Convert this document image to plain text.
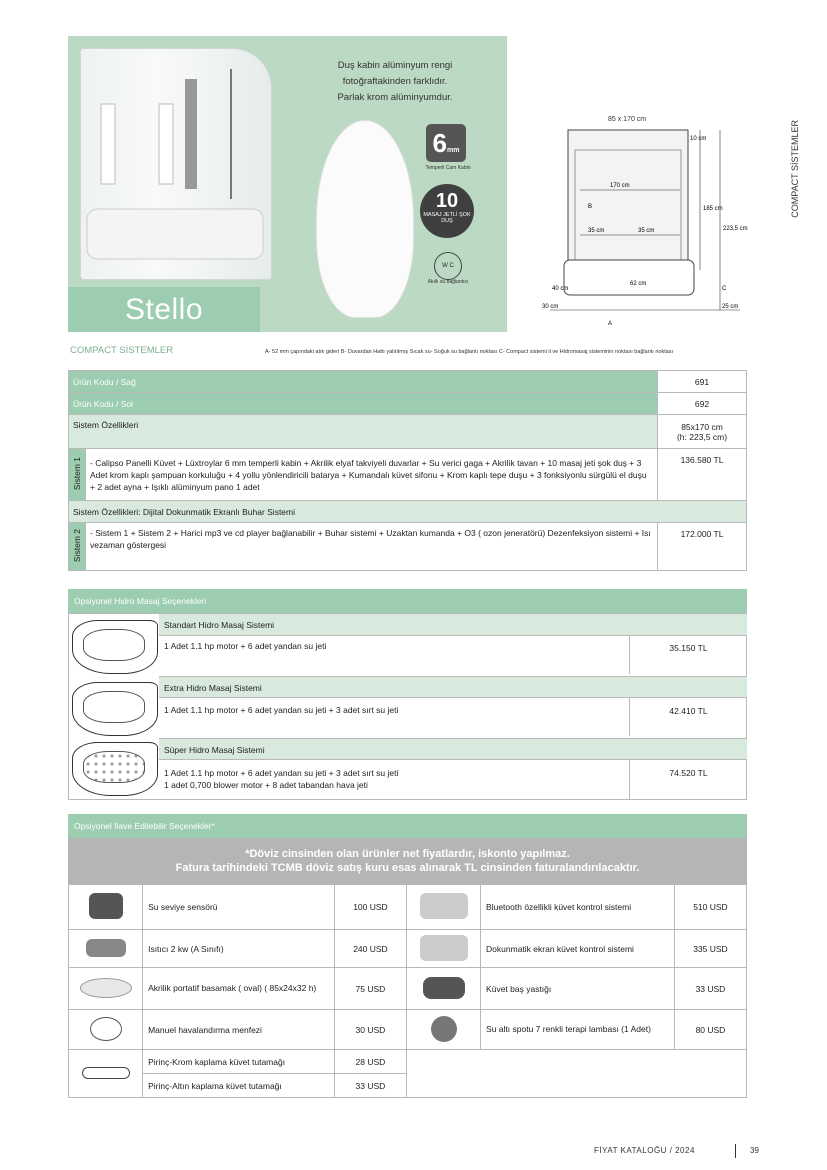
Stello
Duş kabin alüminyum rengi
fotoğraftakinden farklıdır.
Parlak krom alüminyumdur.
6mm
Temperli Cam Kabin
10
MASAJ JETLİ ŞOK DUŞ
W C
Akıllı su bağlantısı
COMPACT SİSTEMLER
85 x 170 cm
10 cm
170 cm
185 cm
223,5 cm
35 cm	35 cm
40 cm
62 cm
25 cm
30 cm
B
C
A
COMPACT SİSTEMLER	A- 52 mm çapındaki atık gideri B- Duvardan Hattı yalıtılmış Sıcak su- Soğuk su bağlantı noktası C- Compact sistemi il ve Hidromasaj sisteminin noktası bağlantı noktası
Ürün Kodu / Sağ		691
Ürün Kodu / Sol		692
Sistem Özellikleri		85x170 cm
(h: 223,5 cm)

Sistem 1	- Calipso Panelli Küvet + Lüxtroylar 6 mm temperli kabin + Akrilik elyaf takviyeli duvarlar + Su verici gaga + Akrilik tavan + 10 masaj jeti şok duş + 3 Adet krom kaplı şampuan korkuluğu + 4 yollu yönlendiricili batarya + Kumandalı küvet sifonu + Krom kaplı tepe duşu + 3 fonksiyonlu sürgülü el duşu + 2 adet ayna + Işıklı alüminyum pano 1 adet	136.580 TL
Sistem Özellikleri: Dijital Dokunmatik Ekranlı Buhar Sistemi		
Sistem 2	- Sistem 1 + Sistem 2 + Harici mp3 ve cd player bağlanabilir + Buhar sistemi + Uzaktan kumanda + O3 ( ozon jeneratörü) Dezenfeksiyon sistemi + Isı vezaman göstergesi	172.000 TL
Opsiyonel Hidro Masaj Seçenekleri
Standart Hidro Masaj Sistemi
1 Adet 1.1 hp motor + 6 adet yandan su jeti	35.150 TL
Extra Hidro Masaj Sistemi
1 Adet 1.1 hp motor + 6 adet yandan su jeti + 3 adet sırt su jeti	42.410 TL
Süper Hidro Masaj Sistemi
1 Adet 1.1 hp motor + 6 adet yandan su jeti + 3 adet sırt su jeti
1 adet 0,700 blower motor + 8 adet tabandan hava jeti
74.520 TL
Opsiyonel İlave Edilebilir Seçenekler*
*Döviz cinsinden olan ürünler net fiyatlardır, iskonto yapılmaz.
Fatura tarihindeki TCMB döviz satış kuru esas alınarak TL cinsinden faturalandırılacaktır.
	Su seviye sensörü	100 USD		Bluetooth özellikli küvet kontrol sistemi	510 USD
	Isıtıcı 2 kw (A Sınıfı)	240 USD		Dokunmatik ekran küvet kontrol sistemi	335 USD
	Akrilik portatif basamak ( oval) ( 85x24x32 h)	75 USD		Küvet baş yastığı	33 USD
	Manuel havalandırma menfezi	30 USD		Su altı spotu 7 renkli terapi lambası (1 Adet)	80 USD
	Pirinç-Krom kaplama küvet tutamağı	28 USD			
	Pirinç-Altın kaplama küvet tutamağı	33 USD			
FİYAT KATALOĞU / 2024	39
